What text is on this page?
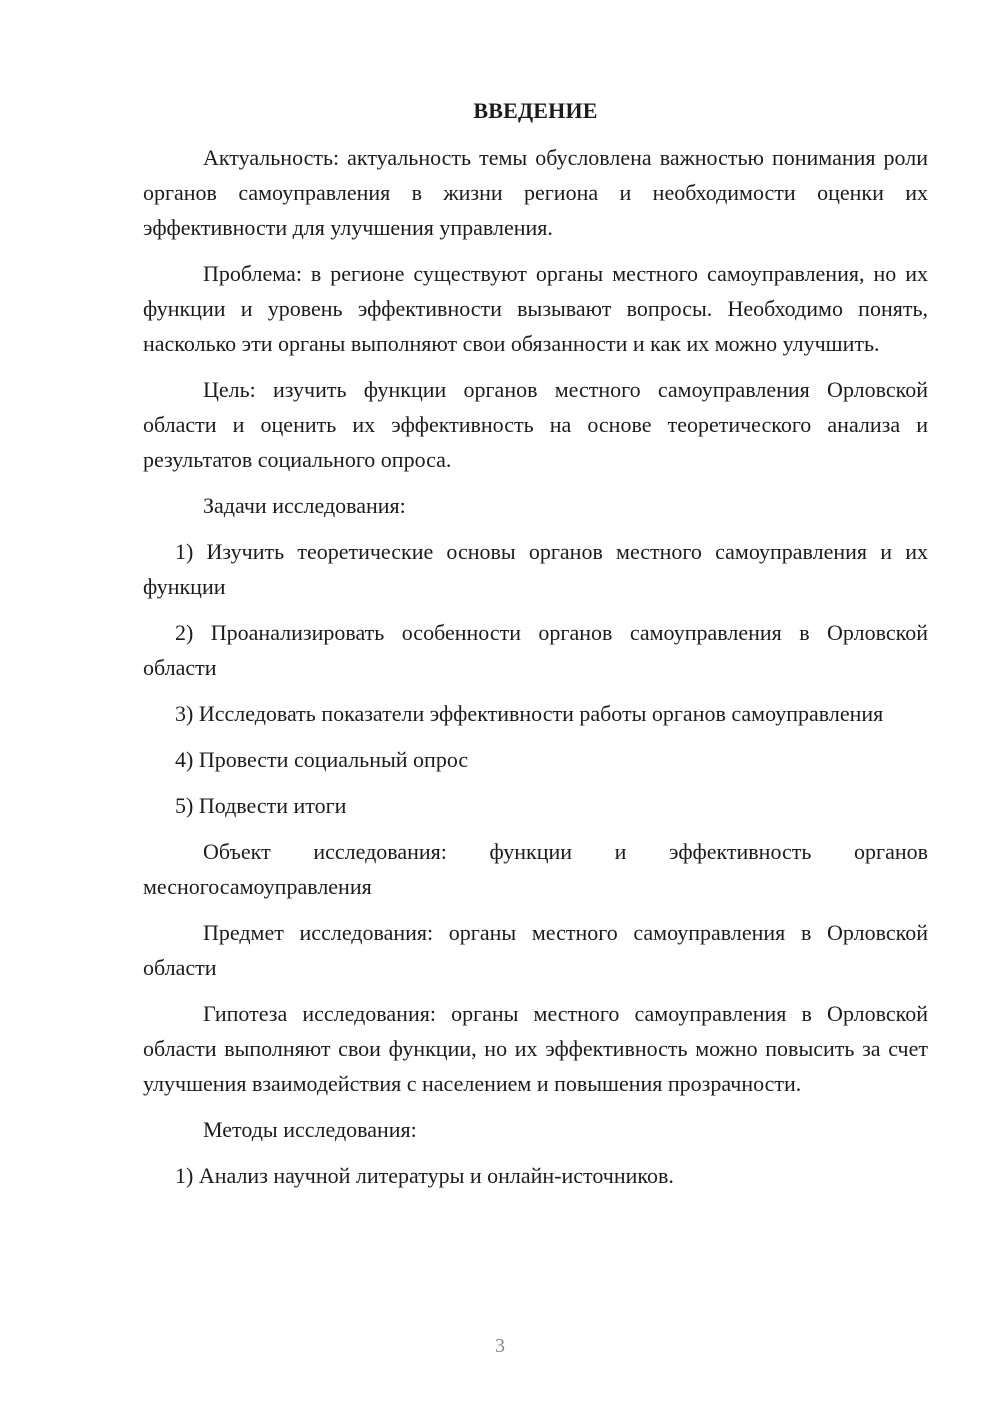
ВВЕДЕНИЕ

Актуальность: актуальность темы обусловлена важностью понимания роли органов самоуправления в жизни региона и необходимости оценки их эффективности для улучшения управления.

Проблема: в регионе существуют органы местного самоуправления, но их функции и уровень эффективности вызывают вопросы. Необходимо понять, насколько эти органы выполняют свои обязанности и как их можно улучшить.

Цель: изучить функции органов местного самоуправления Орловской области и оценить их эффективность на основе теоретического анализа и результатов социального опроса.

Задачи исследования:

1) Изучить теоретические основы органов местного самоуправления и их функции

2) Проанализировать особенности органов самоуправления в Орловской области

3) Исследовать показатели эффективности работы органов самоуправления

4) Провести социальный опрос

5) Подвести итоги

Объект исследования: функции и эффективность органов месногосамоуправления

Предмет исследования: органы местного самоуправления в Орловской области

Гипотеза исследования: органы местного самоуправления в Орловской области выполняют свои функции, но их эффективность можно повысить за счет улучшения взаимодействия с населением и повышения прозрачности.

Методы исследования:

1) Анализ научной литературы и онлайн-источников.

3
